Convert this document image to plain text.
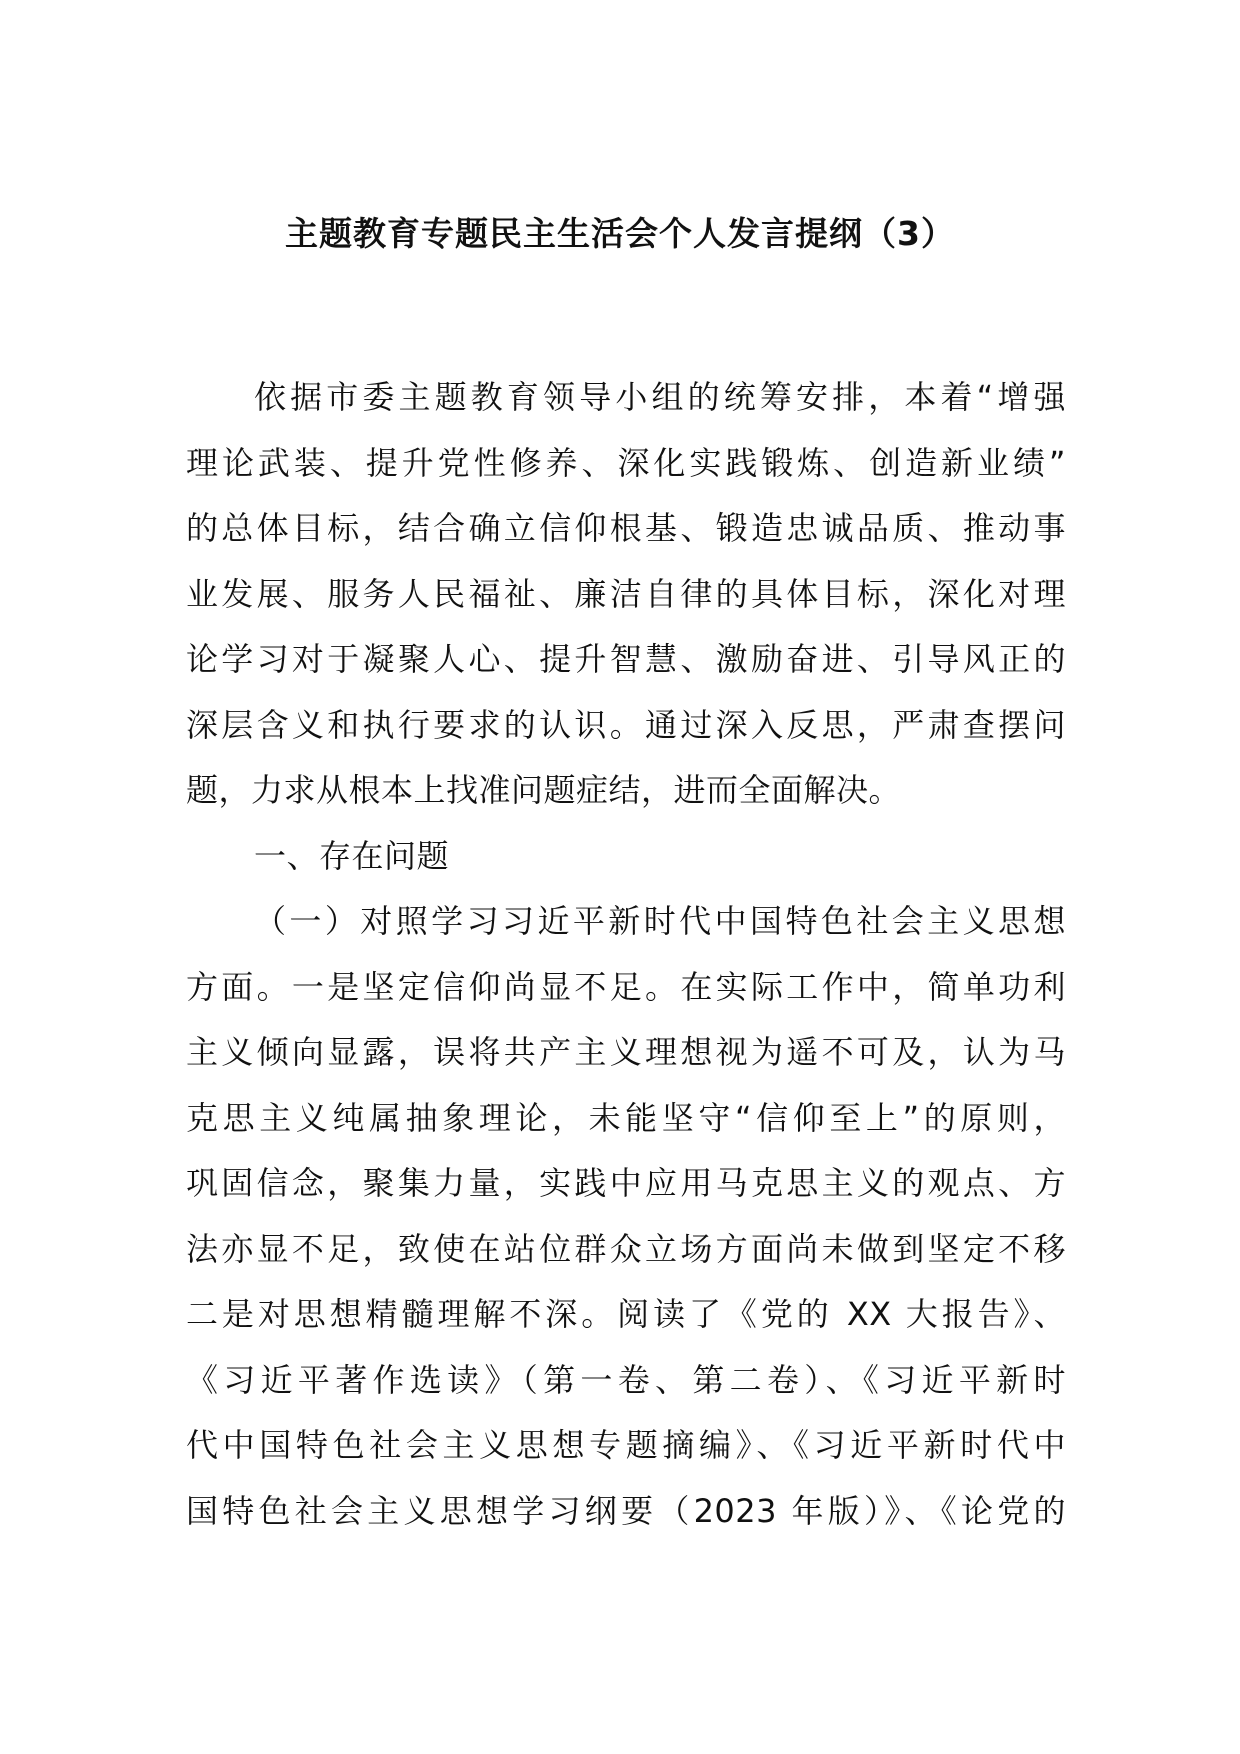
主题教育专题民主生活会个人发言提纲（3）
依据市委主题教育领导小组的统筹安排，本着“增强
理论武装、提升党性修养、深化实践锻炼、创造新业绩”
的总体目标，结合确立信仰根基、锻造忠诚品质、推动事
业发展、服务人民福祉、廉洁自律的具体目标，深化对理
论学习对于凝聚人心、提升智慧、激励奋进、引导风正的
深层含义和执行要求的认识。通过深入反思，严肃查摆问
题，力求从根本上找准问题症结，进而全面解决。
一、存在问题
（一）对照学习习近平新时代中国特色社会主义思想
方面。一是坚定信仰尚显不足。在实际工作中，简单功利
主义倾向显露，误将共产主义理想视为遥不可及，认为马
克思主义纯属抽象理论，未能坚守“信仰至上”的原则，
巩固信念，聚集力量，实践中应用马克思主义的观点、方
法亦显不足，致使在站位群众立场方面尚未做到坚定不移
二是对思想精髓理解不深。阅读了《党的 XX 大报告》、
《习近平著作选读》（第一卷、第二卷）、《习近平新时
代中国特色社会主义思想专题摘编》、《习近平新时代中
国特色社会主义思想学习纲要（2023 年版）》、《论党的
